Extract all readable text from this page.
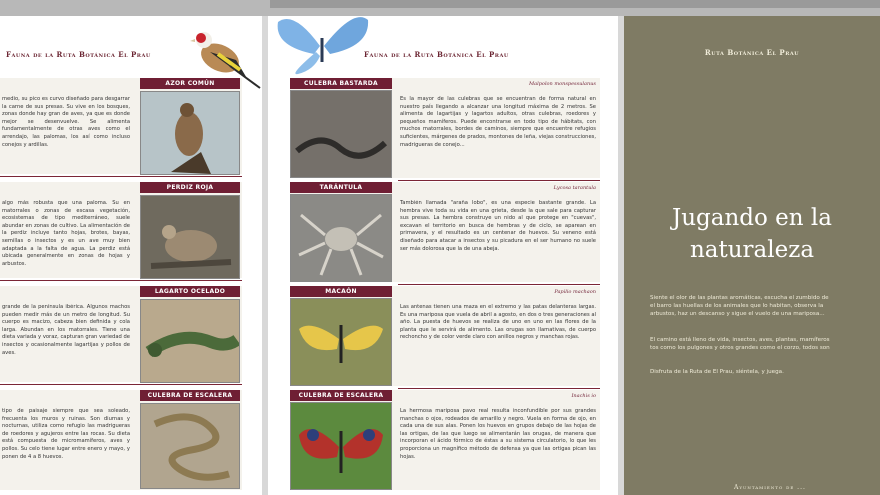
Fauna de la Ruta Botánica El Prau
medio, su pico es curvo diseñado para desgarrar la carne de sus presas. Su vive en los bosques, zonas donde hay gran de aves, ya que es donde mejor se desenvuelve. Se alimenta fundamentalmente de otras aves como el arrendajo, las palomas, los así como incluso conejos y ardillas.
AZOR COMÚN
algo más robusta que una paloma. Su en matorrales o zonas de escasa vegetación, ecosistemas de tipo mediterráneo, suele abundar en zonas de cultivo. La alimentación de la perdiz incluye tanto hojas, brotes, bayas, semillas o insectos y es un ave muy bien adaptada a la falta de agua. La perdiz está ubicada generalmente en zonas de hojas y arbustos.
PERDIZ ROJA
grande de la península ibérica. Algunos machos pueden medir más de un metro de longitud. Su cuerpo es macizo, cabeza bien definida y cola larga. Abundan en los matorrales. Tiene una dieta variada y voraz, capturan gran variedad de insectos y ocasionalmente lagartijas y pollos de aves.
LAGARTO OCELADO
tipo de paisaje siempre que sea soleado, frecuenta los muros y ruinas. Son diurnas y nocturnas, utiliza como refugio las madrigueras de roedores y agujeros entre las rocas. Su dieta está compuesta de micromamíferos, aves y pollos. Su celo tiene lugar entre enero y mayo, y ponen de 4 a 8 huevos.
CULEBRA DE ESCALERA
Fauna de la Ruta Botánica El Prau
CULEBRA BASTARDA	Malpolon monspessulanus
Es la mayor de las culebras que se encuentran de forma natural en nuestro país llegando a alcanzar una longitud máxima de 2 metros. Se alimenta de lagartijas y lagartos adultos, otras culebras, roedores y pequeños mamíferos. Puede encontrarse en todo tipo de hábitats, con muchos matorrales, bordes de caminos, siempre que encuentre refugios suficientes, márgenes de prados, montones de leña, viejas construcciones, madrigueras de conejo...
TARÁNTULA	Lycosa tarantula
También llamada "araña lobo", es una especie bastante grande. La hembra vive toda su vida en una grieta, desde la que sale para capturar sus presas. La hembra construye un nido al que protege en "cuevas", excavan el territorio en busca de hembras y de ciclo, se aparean en primavera, y el resultado es un centenar de huevos. Su veneno está diseñado para atacar a insectos y su picadura en el ser humano no suele ser más dolorosa que la de una abeja.
MACAÓN	Papilio machaon
Las antenas tienen una maza en el extremo y las patas delanteras largas. Es una mariposa que vuela de abril a agosto, en dos o tres generaciones al año. La puesta de huevos se realiza de uno en uno en las flores de la planta que le servirá de alimento. Las orugas son llamativas, de cuerpo rechoncho y de color verde claro con anillos negros y manchas rojas.
CULEBRA DE ESCALERA	Inachis io
La hermosa mariposa pavo real resulta inconfundible por sus grandes manchas o ojos, rodeados de amarillo y negro. Vuela en forma de ojo, en cada una de sus alas. Ponen los huevos en grupos debajo de las hojas de las ortigas, de las que luego se alimentarán las orugas, de manera que incorporan el ácido fórmico de éstas a su sistema circulatorio, lo que les proporciona un magnífico método de defensa ya que las ortigas pican las hojas.
Ruta Botánica El Prau
Jugando en la
naturaleza
Siente el olor de las plantas aromáticas, escucha el zumbido de
el barro las huellas de los animales que lo habitan, observa la
arbustos, haz un descanso y sigue el vuelo de una mariposa...
El camino está lleno de vida, insectos, aves, plantas, mamíferos
tos como los pulgones y otros grandes como el corzo, todos son
Disfruta de la Ruta de El Prau, siéntela, y juega.
Ayuntamiento de ...
